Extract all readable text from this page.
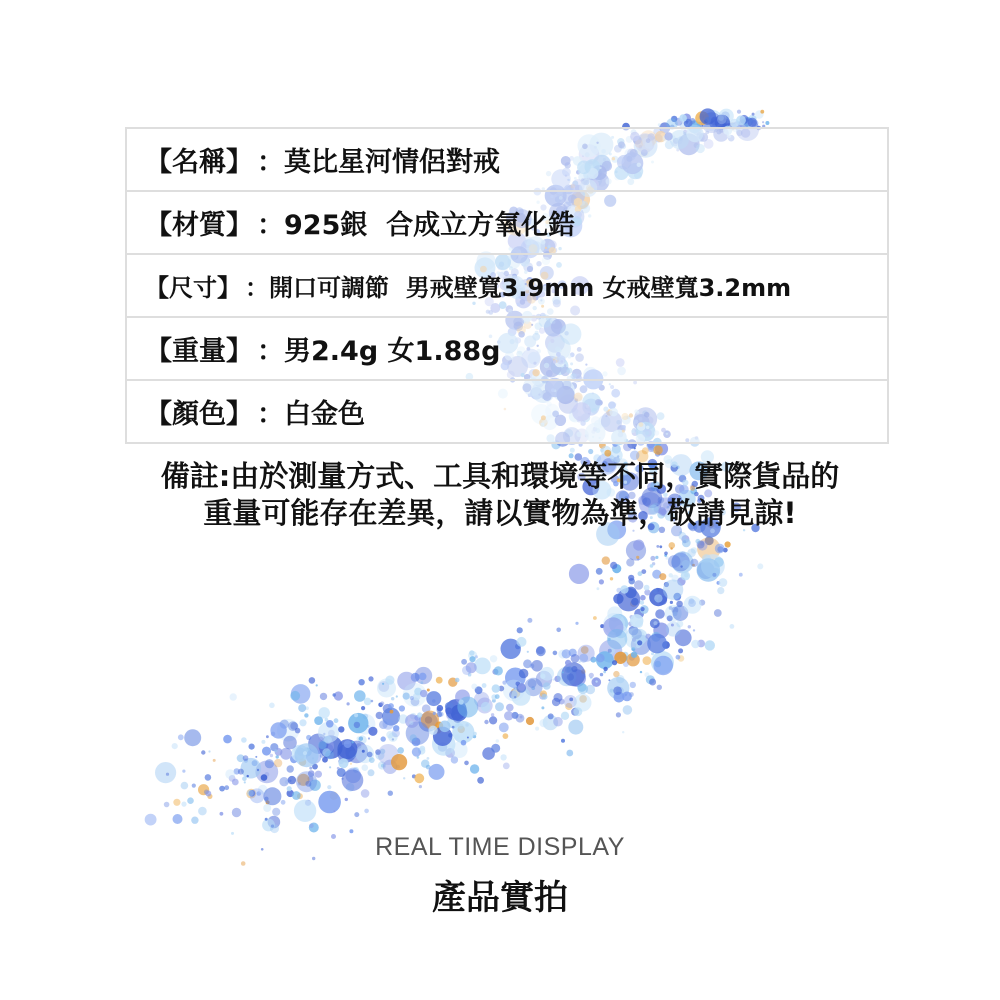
【名稱】 ： 莫比星河情侶對戒
【材質】 ： 925銀  合成立方氧化鋯
【尺寸】 ： 開口可調節  男戒壁寬3.9mm 女戒壁寬3.2mm
【重量】 ： 男2.4g 女1.88g
【顏色】 ： 白金色
備註:由於測量方式、工具和環境等不同，實際貨品的
重量可能存在差異，請以實物為準，敬請見諒!
REAL TIME DISPLAY
產品實拍
